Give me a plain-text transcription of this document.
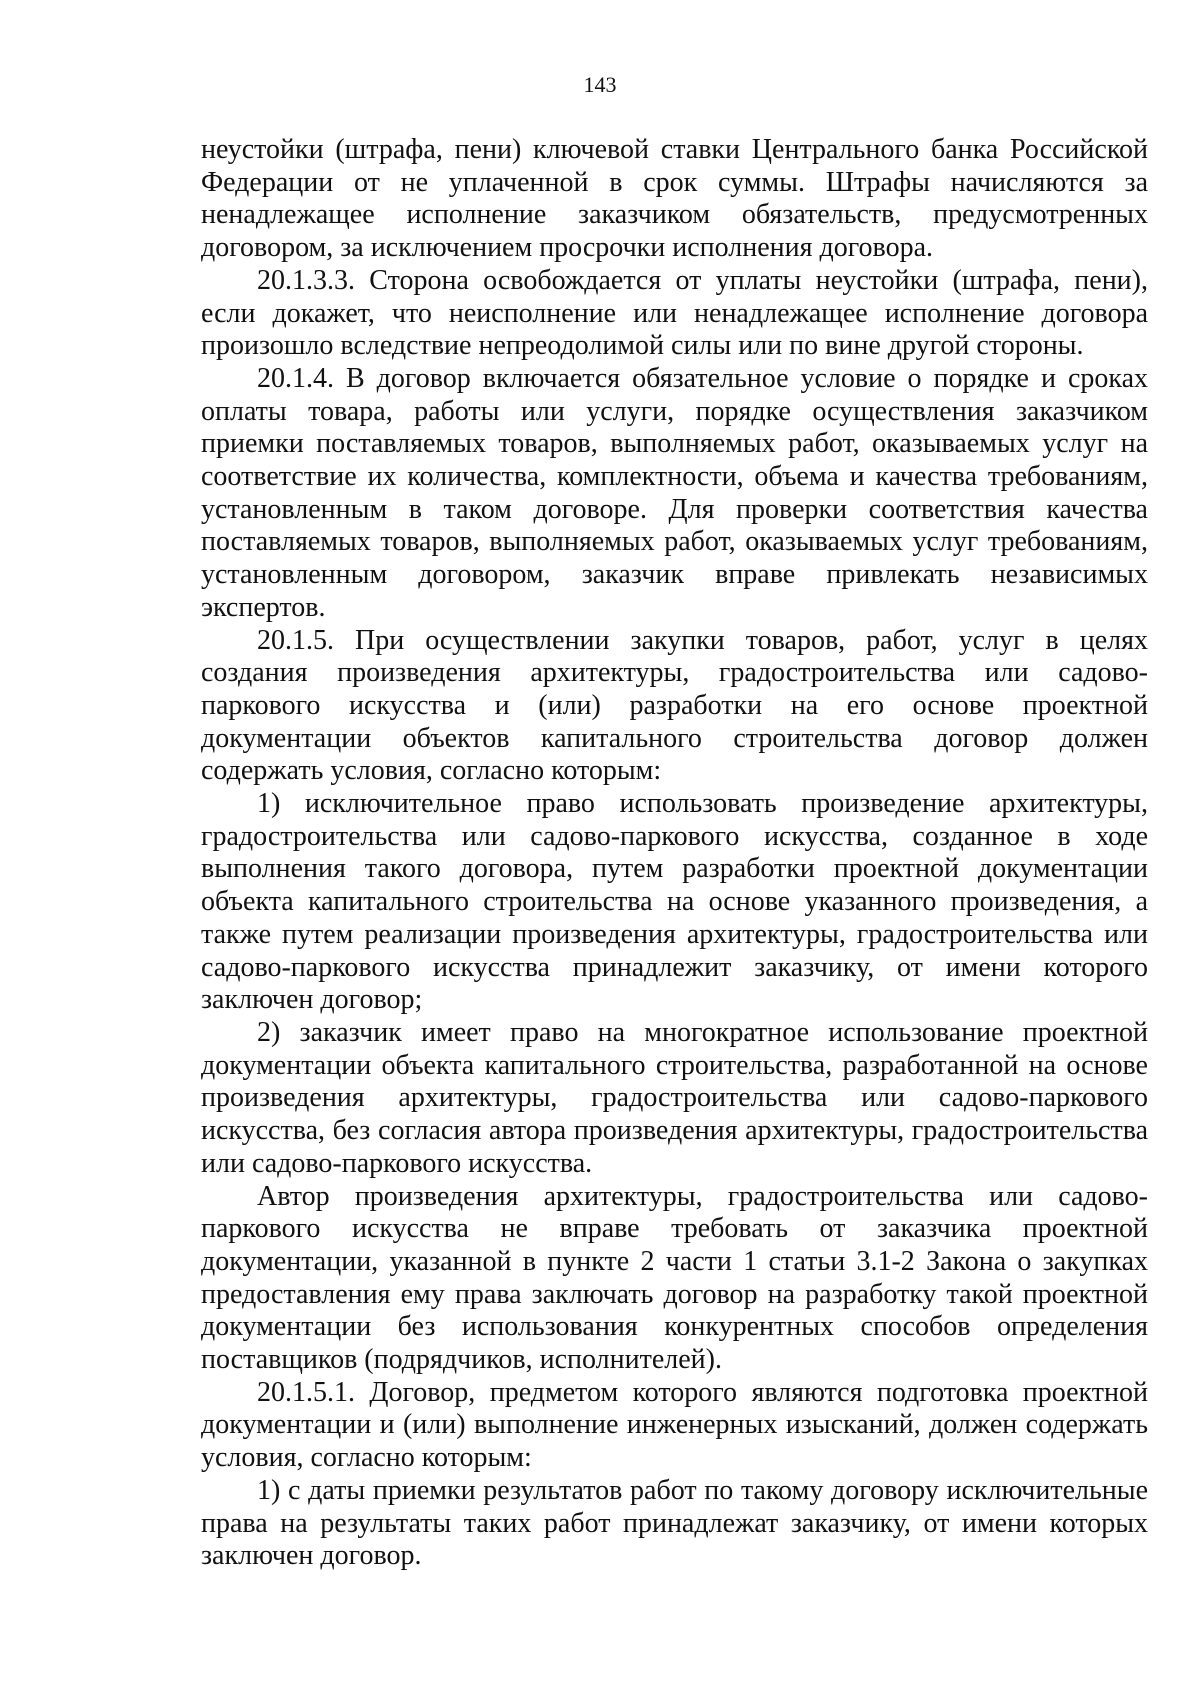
143

неустойки (штрафа, пени) ключевой ставки Центрального банка Российской Федерации от не уплаченной в срок суммы. Штрафы начисляются за ненадлежащее исполнение заказчиком обязательств, предусмотренных договором, за исключением просрочки исполнения договора.

20.1.3.3. Сторона освобождается от уплаты неустойки (штрафа, пени), если докажет, что неисполнение или ненадлежащее исполнение договора произошло вследствие непреодолимой силы или по вине другой стороны.

20.1.4. В договор включается обязательное условие о порядке и сроках оплаты товара, работы или услуги, порядке осуществления заказчиком приемки поставляемых товаров, выполняемых работ, оказываемых услуг на соответствие их количества, комплектности, объема и качества требованиям, установленным в таком договоре. Для проверки соответствия качества поставляемых товаров, выполняемых работ, оказываемых услуг требованиям, установленным договором, заказчик вправе привлекать независимых экспертов.

20.1.5. При осуществлении закупки товаров, работ, услуг в целях создания произведения архитектуры, градостроительства или садово-паркового искусства и (или) разработки на его основе проектной документации объектов капитального строительства договор должен содержать условия, согласно которым:

1) исключительное право использовать произведение архитектуры, градостроительства или садово-паркового искусства, созданное в ходе выполнения такого договора, путем разработки проектной документации объекта капитального строительства на основе указанного произведения, а также путем реализации произведения архитектуры, градостроительства или садово-паркового искусства принадлежит заказчику, от имени которого заключен договор;

2) заказчик имеет право на многократное использование проектной документации объекта капитального строительства, разработанной на основе произведения архитектуры, градостроительства или садово-паркового искусства, без согласия автора произведения архитектуры, градостроительства или садово-паркового искусства.

Автор произведения архитектуры, градостроительства или садово-паркового искусства не вправе требовать от заказчика проектной документации, указанной в пункте 2 части 1 статьи 3.1-2 Закона о закупках предоставления ему права заключать договор на разработку такой проектной документации без использования конкурентных способов определения поставщиков (подрядчиков, исполнителей).

20.1.5.1. Договор, предметом которого являются подготовка проектной документации и (или) выполнение инженерных изысканий, должен содержать условия, согласно которым:

1) с даты приемки результатов работ по такому договору исключительные права на результаты таких работ принадлежат заказчику, от имени которых заключен договор.
